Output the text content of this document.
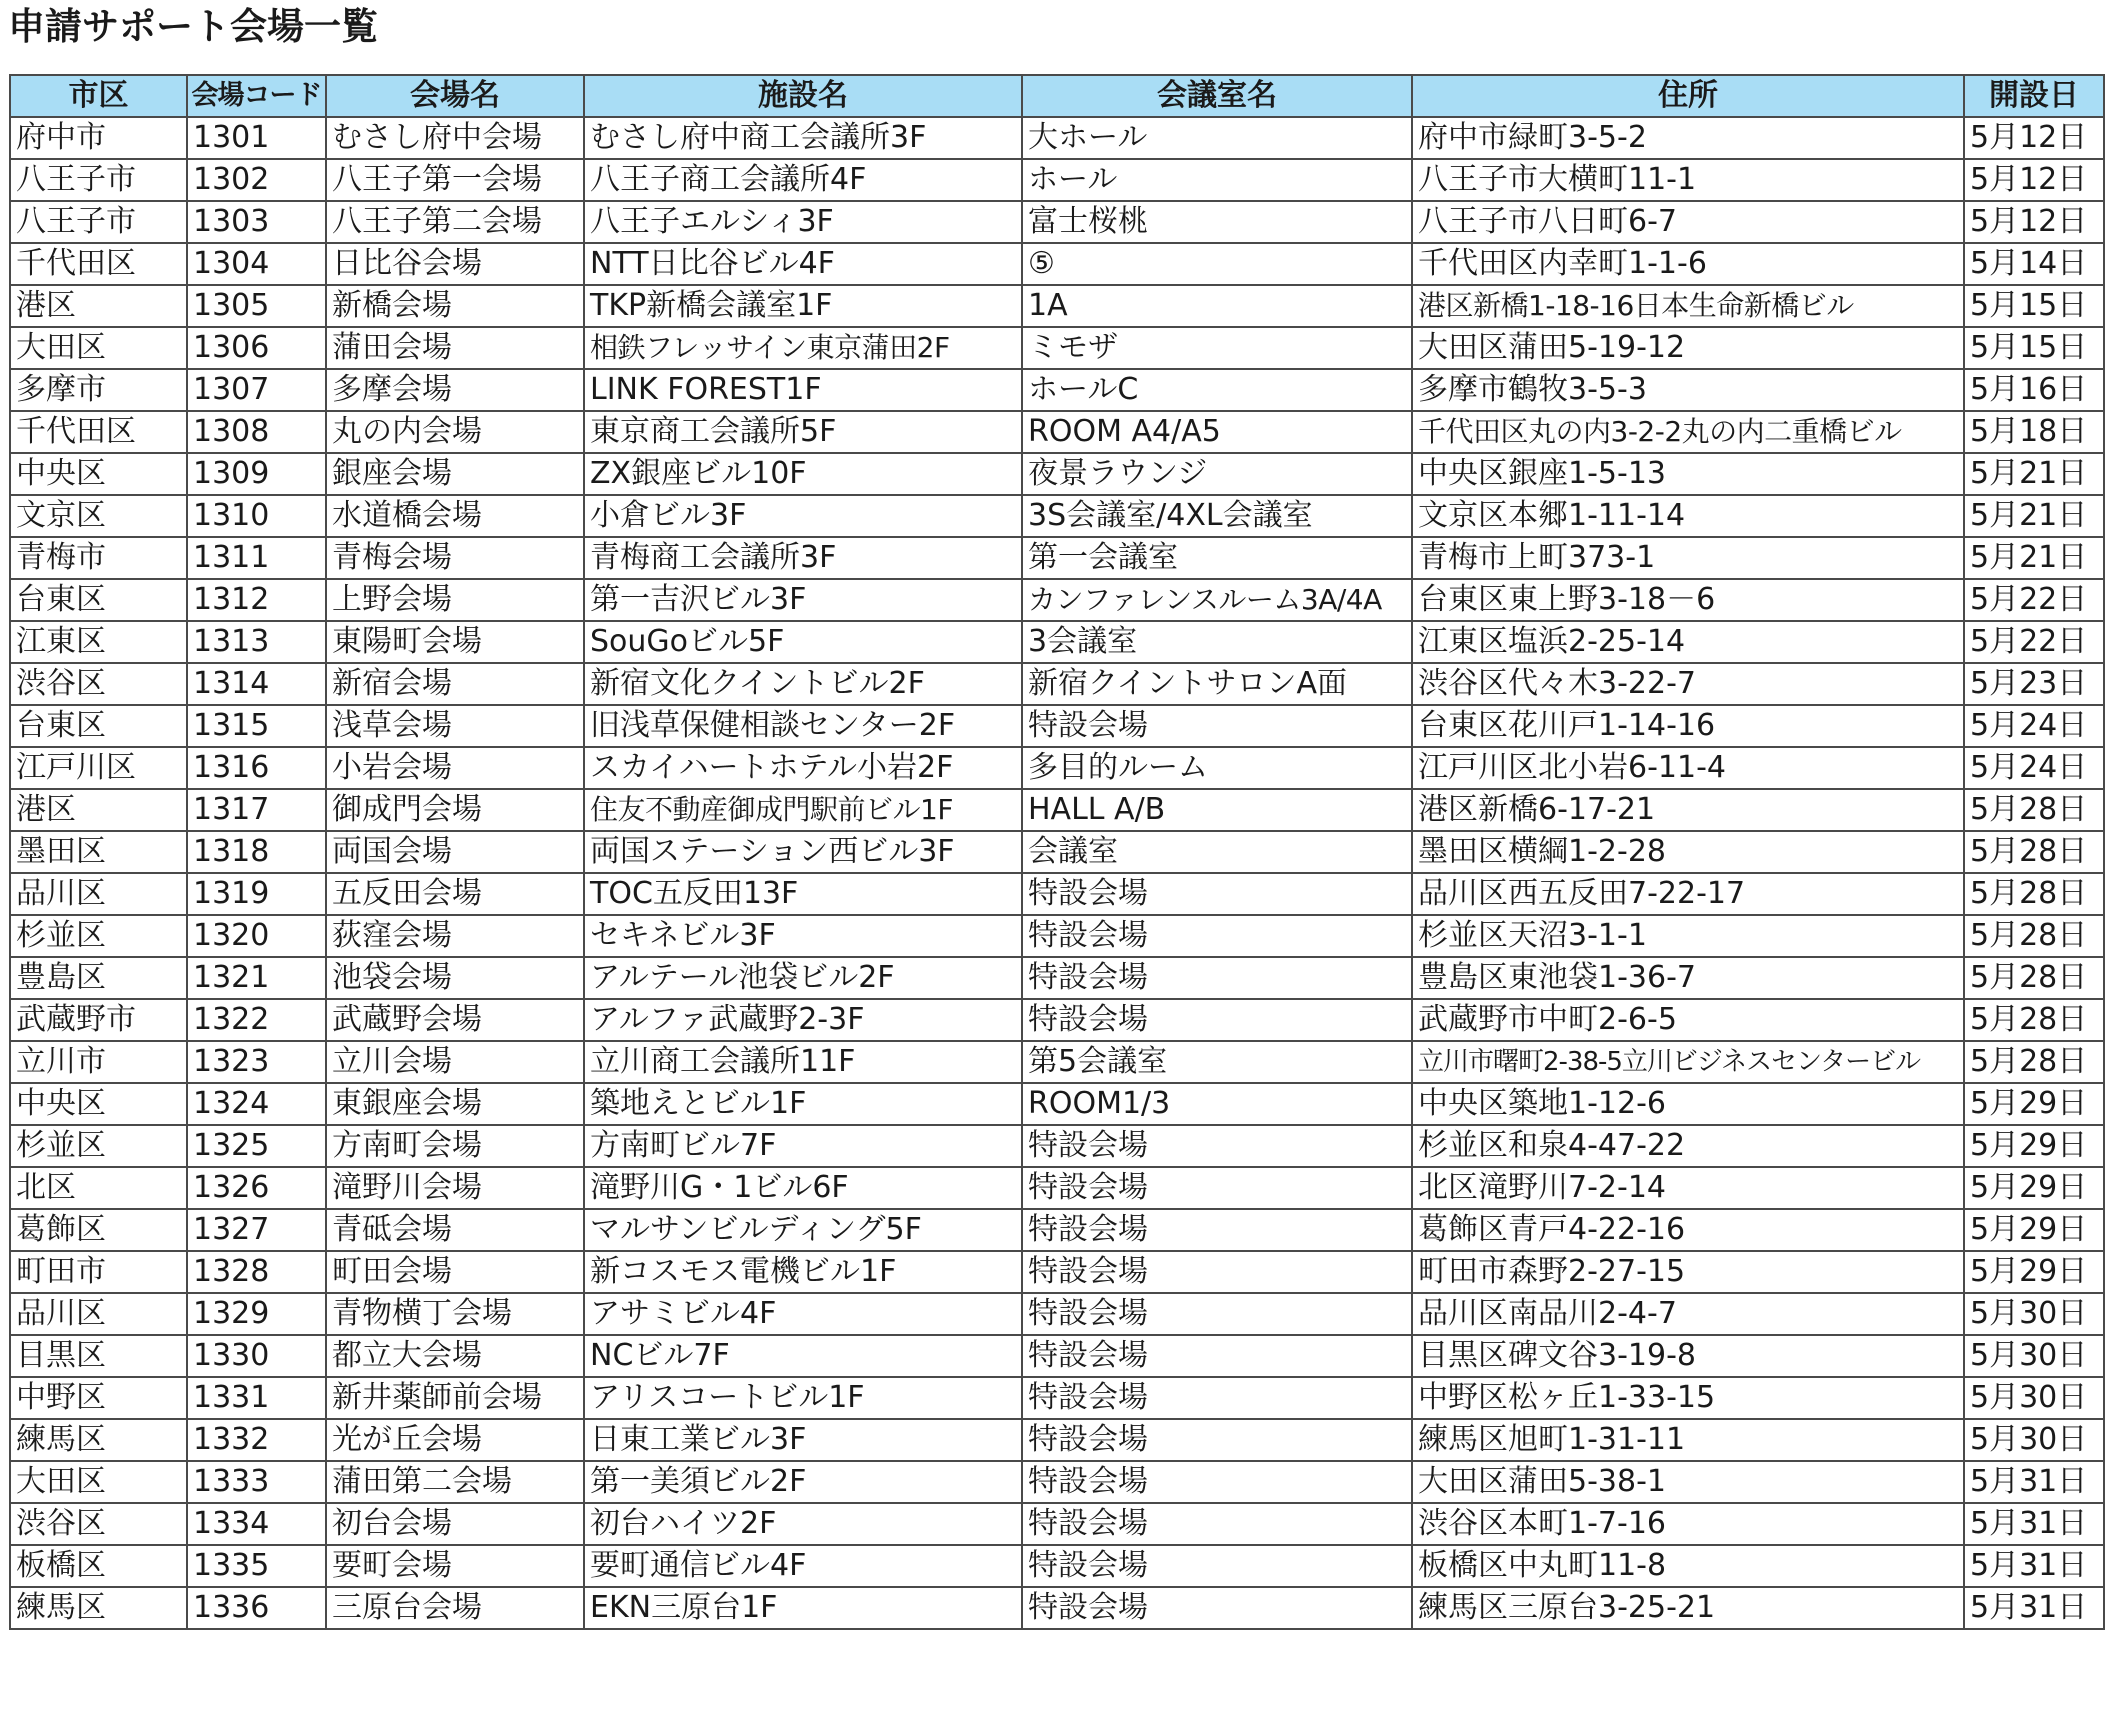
申請サポート会場一覧
市区	会場コード	会場名	施設名	会議室名	住所	開設日
府中市	1301	むさし府中会場	むさし府中商工会議所3F	大ホール	府中市緑町3-5-2	5月12日
八王子市	1302	八王子第一会場	八王子商工会議所4F	ホール	八王子市大横町11-1	5月12日
八王子市	1303	八王子第二会場	八王子エルシィ3F	富士桜桃	八王子市八日町6-7	5月12日
千代田区	1304	日比谷会場	NTT日比谷ビル4F	⑤	千代田区内幸町1-1-6	5月14日
港区	1305	新橋会場	TKP新橋会議室1F	1A	港区新橋1-18-16日本生命新橋ビル	5月15日
大田区	1306	蒲田会場	相鉄フレッサイン東京蒲田2F	ミモザ	大田区蒲田5-19-12	5月15日
多摩市	1307	多摩会場	LINK FOREST1F	ホールC	多摩市鶴牧3-5-3	5月16日
千代田区	1308	丸の内会場	東京商工会議所5F	ROOM A4/A5	千代田区丸の内3-2-2丸の内二重橋ビル	5月18日
中央区	1309	銀座会場	ZX銀座ビル10F	夜景ラウンジ	中央区銀座1-5-13	5月21日
文京区	1310	水道橋会場	小倉ビル3F	3S会議室/4XL会議室	文京区本郷1-11-14	5月21日
青梅市	1311	青梅会場	青梅商工会議所3F	第一会議室	青梅市上町373-1	5月21日
台東区	1312	上野会場	第一吉沢ビル3F	カンファレンスルーム3A/4A	台東区東上野3-18－6	5月22日
江東区	1313	東陽町会場	SouGoビル5F	3会議室	江東区塩浜2-25-14	5月22日
渋谷区	1314	新宿会場	新宿文化クイントビル2F	新宿クイントサロンA面	渋谷区代々木3-22-7	5月23日
台東区	1315	浅草会場	旧浅草保健相談センター2F	特設会場	台東区花川戸1-14-16	5月24日
江戸川区	1316	小岩会場	スカイハートホテル小岩2F	多目的ルーム	江戸川区北小岩6-11-4	5月24日
港区	1317	御成門会場	住友不動産御成門駅前ビル1F	HALL A/B	港区新橋6-17-21	5月28日
墨田区	1318	両国会場	両国ステーション西ビル3F	会議室	墨田区横綱1-2-28	5月28日
品川区	1319	五反田会場	TOC五反田13F	特設会場	品川区西五反田7-22-17	5月28日
杉並区	1320	荻窪会場	セキネビル3F	特設会場	杉並区天沼3-1-1	5月28日
豊島区	1321	池袋会場	アルテール池袋ビル2F	特設会場	豊島区東池袋1-36-7	5月28日
武蔵野市	1322	武蔵野会場	アルファ武蔵野2-3F	特設会場	武蔵野市中町2-6-5	5月28日
立川市	1323	立川会場	立川商工会議所11F	第5会議室	立川市曙町2-38-5立川ビジネスセンタービル	5月28日
中央区	1324	東銀座会場	築地えとビル1F	ROOM1/3	中央区築地1-12-6	5月29日
杉並区	1325	方南町会場	方南町ビル7F	特設会場	杉並区和泉4-47-22	5月29日
北区	1326	滝野川会場	滝野川G・1ビル6F	特設会場	北区滝野川7-2-14	5月29日
葛飾区	1327	青砥会場	マルサンビルディング5F	特設会場	葛飾区青戸4-22-16	5月29日
町田市	1328	町田会場	新コスモス電機ビル1F	特設会場	町田市森野2-27-15	5月29日
品川区	1329	青物横丁会場	アサミビル4F	特設会場	品川区南品川2-4-7	5月30日
目黒区	1330	都立大会場	NCビル7F	特設会場	目黒区碑文谷3-19-8	5月30日
中野区	1331	新井薬師前会場	アリスコートビル1F	特設会場	中野区松ヶ丘1-33-15	5月30日
練馬区	1332	光が丘会場	日東工業ビル3F	特設会場	練馬区旭町1-31-11	5月30日
大田区	1333	蒲田第二会場	第一美須ビル2F	特設会場	大田区蒲田5-38-1	5月31日
渋谷区	1334	初台会場	初台ハイツ2F	特設会場	渋谷区本町1-7-16	5月31日
板橋区	1335	要町会場	要町通信ビル4F	特設会場	板橋区中丸町11-8	5月31日
練馬区	1336	三原台会場	EKN三原台1F	特設会場	練馬区三原台3-25-21	5月31日
